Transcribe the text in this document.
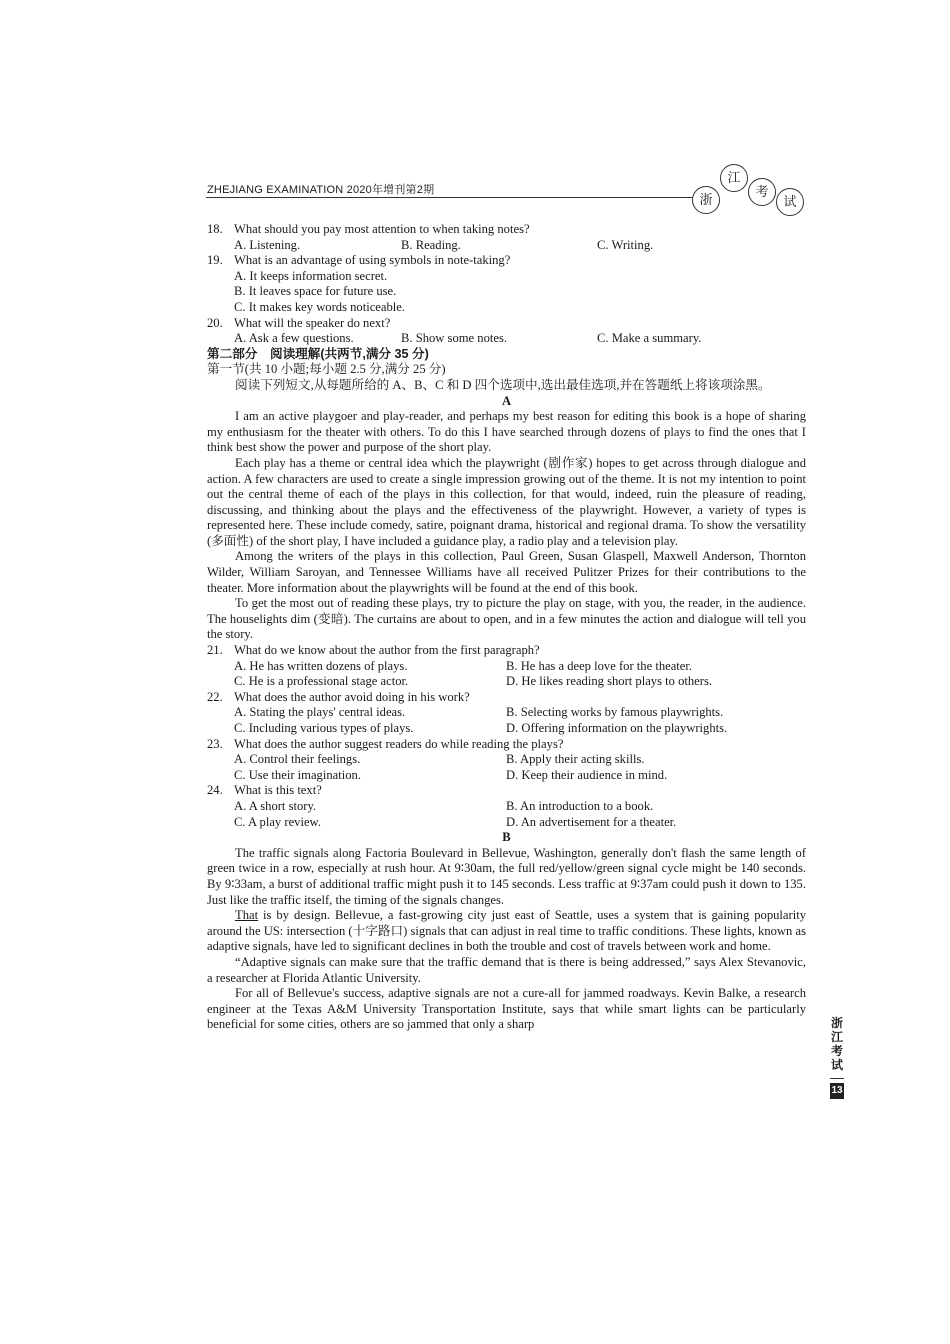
ZHEJIANG EXAMINATION 2020年增刊第2期
浙
江
考
试

18. What should you pay most attention to when taking notes?

A. Listening.	B. Reading.	C. Writing.

19. What is an advantage of using symbols in note-taking?

A. It keeps information secret.

B. It leaves space for future use.

C. It makes key words noticeable.

20. What will the speaker do next?

A. Ask a few questions.	B. Show some notes.	C. Make a summary.

第二部分　阅读理解(共两节,满分 35 分)

第一节(共 10 小题;每小题 2.5 分,满分 25 分)

阅读下列短文,从每题所给的 A、B、C 和 D 四个选项中,选出最佳选项,并在答题纸上将该项涂黑。

A

I am an active playgoer and play-reader, and perhaps my best reason for editing this book is a hope of sharing my enthusiasm for the theater with others. To do this I have searched through dozens of plays to find the ones that I think best show the power and purpose of the short play.

Each play has a theme or central idea which the playwright (剧作家) hopes to get across through dialogue and action. A few characters are used to create a single impression growing out of the theme. It is not my intention to point out the central theme of each of the plays in this collection, for that would, indeed, ruin the pleasure of reading, discussing, and thinking about the plays and the effectiveness of the playwright. However, a variety of types is represented here. These include comedy, satire, poignant drama, historical and regional drama. To show the versatility (多面性) of the short play, I have included a guidance play, a radio play and a television play.

Among the writers of the plays in this collection, Paul Green, Susan Glaspell, Maxwell Anderson, Thornton Wilder, William Saroyan, and Tennessee Williams have all received Pulitzer Prizes for their contributions to the theater. More information about the playwrights will be found at the end of this book.

To get the most out of reading these plays, try to picture the play on stage, with you, the reader, in the audience. The houselights dim (变暗). The curtains are about to open, and in a few minutes the action and dialogue will tell you the story.

21. What do we know about the author from the first paragraph?

A. He has written dozens of plays.	B. He has a deep love for the theater.
C. He is a professional stage actor.	D. He likes reading short plays to others.

22. What does the author avoid doing in his work?

A. Stating the plays' central ideas.	B. Selecting works by famous playwrights.
C. Including various types of plays.	D. Offering information on the playwrights.

23. What does the author suggest readers do while reading the plays?

A. Control their feelings.	B. Apply their acting skills.
C. Use their imagination.	D. Keep their audience in mind.

24. What is this text?

A. A short story.	B. An introduction to a book.
C. A play review.	D. An advertisement for a theater.

B

The traffic signals along Factoria Boulevard in Bellevue, Washington, generally don't flash the same length of green twice in a row, especially at rush hour. At 9∶30am, the full red/yellow/green signal cycle might be 140 seconds. By 9∶33am, a burst of additional traffic might push it to 145 seconds. Less traffic at 9∶37am could push it down to 135. Just like the traffic itself, the timing of the signals changes.

That is by design. Bellevue, a fast-growing city just east of Seattle, uses a system that is gaining popularity around the US: intersection (十字路口) signals that can adjust in real time to traffic conditions. These lights, known as adaptive signals, have led to significant declines in both the trouble and cost of travels between work and home.

“Adaptive signals can make sure that the traffic demand that is there is being addressed,” says Alex Stevanovic, a researcher at Florida Atlantic University.

For all of Bellevue's success, adaptive signals are not a cure-all for jammed roadways. Kevin Balke, a research engineer at the Texas A&M University Transportation Institute, says that while smart lights can be particularly beneficial for some cities, others are so jammed that only a sharp	浙江考试
13
